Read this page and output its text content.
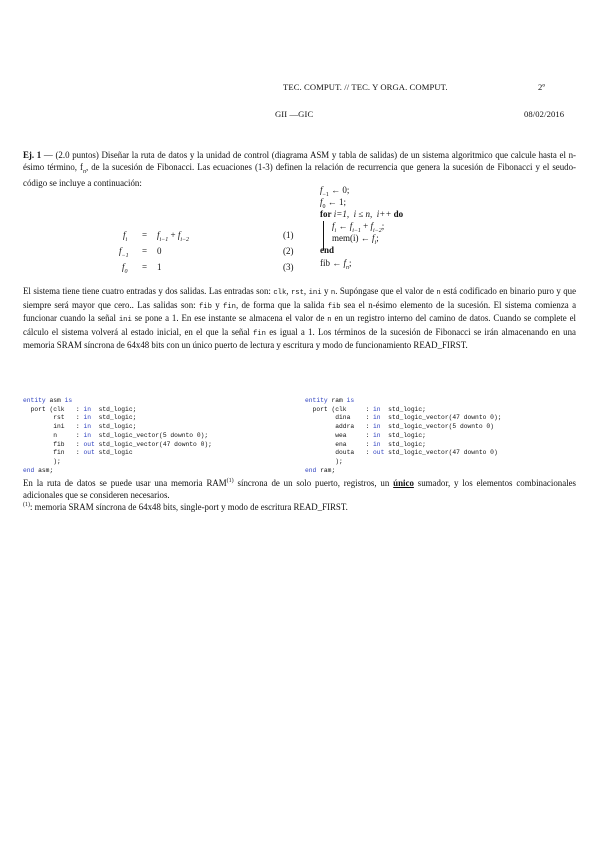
TEC. COMPUT. // TEC. Y ORGA. COMPUT.	2º
GII —GIC	08/02/2016
Ej. 1 — (2.0 puntos) Diseñar la ruta de datos y la unidad de control (diagrama ASM y tabla de salidas) de un sistema algoritmico que calcule hasta el n-ésimo término, $f_n$, de la sucesión de Fibonacci. Las ecuaciones (1-3) definen la relación de recurrencia que genera la sucesión de Fibonacci y el seudo-código se incluye a continuación:
$f_i = f_{i-1} + f_{i-2}$	(1)
$f_{-1} = 0$	(2)
$f_0 = 1$	(3)
$f_{-1}$ ← 0;
$f_0$ ← 1;
for i=1,  i ≤ n,  i++ do
$f_i$ ← $f_{i-1} + f_{i-2}$;
mem(i) ← $f_i$;
end
fib ← $f_n$;
El sistema tiene tiene cuatro entradas y dos salidas. Las entradas son: clk, rst, ini y n. Supóngase que el valor de n está codificado en binario puro y que siempre será mayor que cero.. Las salidas son: fib y fin, de forma que la salida fib sea el n-ésimo elemento de la sucesión. El sistema comienza a funcionar cuando la señal ini se pone a 1. En ese instante se almacena el valor de n en un registro interno del camino de datos. Cuando se complete el cálculo el sistema volverá al estado inicial, en el que la señal fin es igual a 1. Los términos de la sucesión de Fibonacci se irán almacenando en una memoria SRAM síncrona de 64x48 bits con un único puerto de lectura y escritura y modo de funcionamiento READ_FIRST.
entity asm is
port (clk   : in  std_logic;
rst   : in  std_logic;
ini   : in  std_logic;
n     : in  std_logic_vector(5 downto 0);
fib   : out std_logic_vector(47 downto 0);
fin   : out std_logic
);
end asm;
entity ram is
port (clk     : in  std_logic;
dina    : in  std_logic_vector(47 downto 0);
addra   : in  std_logic_vector(5 downto 0)
wea     : in  std_logic;
ena     : in  std_logic;
douta   : out std_logic_vector(47 downto 0)
);
end ram;
En la ruta de datos se puede usar una memoria RAM$^{(1)}$ síncrona de un solo puerto, registros, un único sumador, y los elementos combinacionales adicionales que se consideren necesarios.
$^{(1)}$: memoria SRAM síncrona de 64x48 bits, single-port y modo de escritura READ_FIRST.
